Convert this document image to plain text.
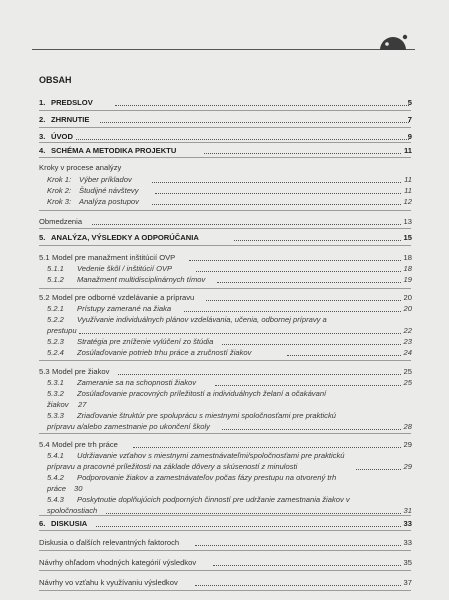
OBSAH
1. PREDSLOV	5
2. ZHRNUTIE	7
3. ÚVOD	9
4. SCHÉMA A METODIKA PROJEKTU	11
Kroky v procese analýzy
Krok 1: Výber príkladov	11
Krok 2: Študijné návštevy	11
Krok 3: Analýza postupov	12
Obmedzenia	13
5. ANALÝZA, VÝSLEDKY A ODPORÚČANIA	15
5.1 Model pre manažment inštitúcií OVP	18
5.1.1 Vedenie škôl / inštitúcií OVP	18
5.1.2 Manažment multidisciplinárnych tímov	19
5.2 Model pre odborné vzdelávanie a prípravu	20
5.2.1 Prístupy zamerané na žiaka	20
5.2.2 Využívanie individuálnych plánov vzdelávania, učenia, odbornej prípravy a
prestupu	22
5.2.3 Stratégia pre zníženie vylúčení zo štúdia	23
5.2.4 Zosúlaďovanie potrieb trhu práce a zručností žiakov	24
5.3 Model pre žiakov	25
5.3.1 Zameranie sa na schopnosti žiakov	25
5.3.2 Zosúlaďovanie pracovných príležitostí a individuálnych želaní a očakávaní
žiakov 27
5.3.3 Zriaďovanie štruktúr pre spoluprácu s miestnymi spoločnosťami pre praktickú
prípravu a/alebo zamestnanie po ukončení školy	28
5.4 Model pre trh práce	29
5.4.1 Udržiavanie vzťahov s miestnymi zamestnávateľmi/spoločnosťami pre praktickú
prípravu a pracovné príležitosti na základe dôvery a skúseností z minulosti	29
5.4.2 Podporovanie žiakov a zamestnávateľov počas fázy prestupu na otvorený trh
práce 30
5.4.3 Poskytnutie doplňujúcich podporných činností pre udržanie zamestnania žiakov v
spoločnostiach	31
6. DISKUSIA	33
Diskusia o ďalších relevantných faktoroch	33
Návrhy ohľadom vhodných kategórií výsledkov	35
Návrhy vo vzťahu k využívaniu výsledkov	37
